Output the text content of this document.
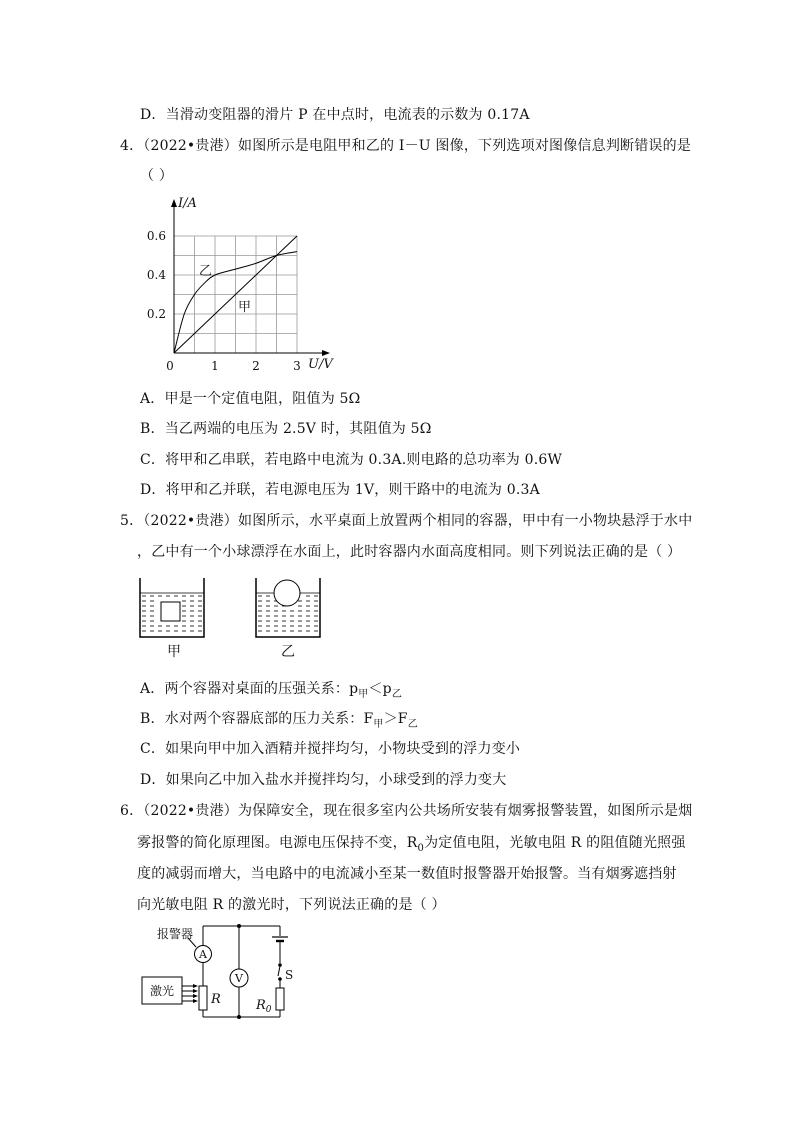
D．当滑动变阻器的滑片 P 在中点时，电流表的示数为 0.17A
4．（2022•贵港）如图所示是电阻甲和乙的 I－U 图像，下列选项对图像信息判断错误的是
（ ）
I/A
U/V
0	1	2	3
0.2
0.4
0.6
乙
甲
A．甲是一个定值电阻，阻值为 5Ω
B．当乙两端的电压为 2.5V 时，其阻值为 5Ω
C．将甲和乙串联，若电路中电流为 0.3A.则电路的总功率为 0.6W
D．将甲和乙并联，若电源电压为 1V，则干路中的电流为 0.3A
5．（2022•贵港）如图所示，水平桌面上放置两个相同的容器，甲中有一小物块悬浮于水中
，乙中有一个小球漂浮在水面上，此时容器内水面高度相同。则下列说法正确的是（ ）
甲	乙
A．两个容器对桌面的压强关系：$p_甲<p_乙$
B．水对两个容器底部的压力关系：$F_甲>F_乙$
C．如果向甲中加入酒精并搅拌均匀，小物块受到的浮力变小
D．如果向乙中加入盐水并搅拌均匀，小球受到的浮力变大
6．（2022•贵港）为保障安全，现在很多室内公共场所安装有烟雾报警装置，如图所示是烟
雾报警的简化原理图。电源电压保持不变，$R_0$为定值电阻，光敏电阻 R 的阻值随光照强
度的减弱而增大，当电路中的电流减小至某一数值时报警器开始报警。当有烟雾遮挡射
向光敏电阻 R 的激光时，下列说法正确的是（ ）
报警器
A
V
激光
R
S
$R_0$
